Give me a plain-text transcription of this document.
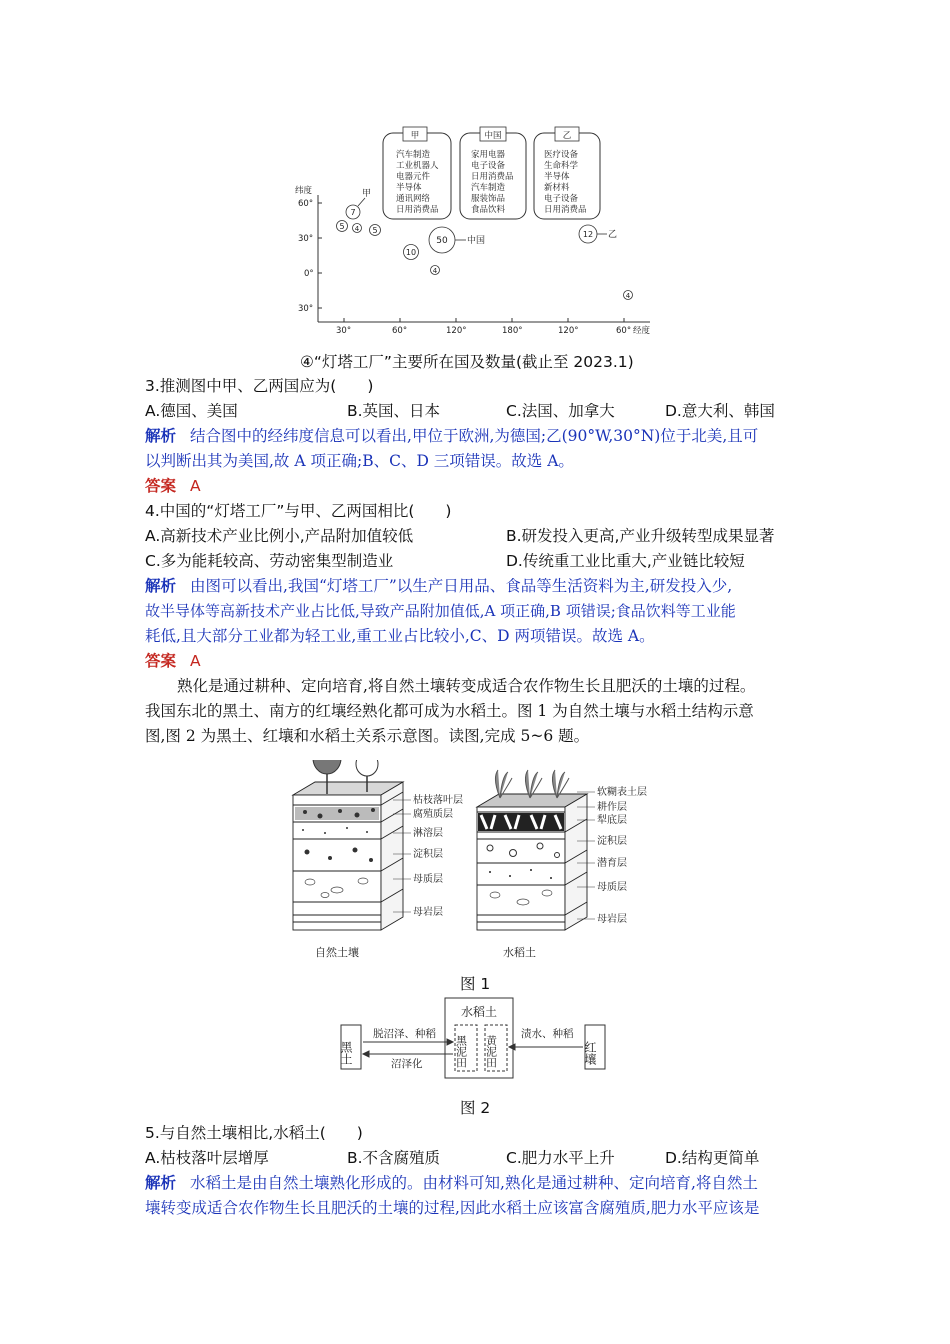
甲
汽车制造
工业机器人
电器元件
半导体
通讯网络
日用消费品
中国
家用电器
电子设备
日用消费品
汽车制造
服装饰品
食品饮料
乙
医疗设备
生命科学
半导体
新材料
电子设备
日用消费品
纬度
60°
30°
0°
30°
30°	60°	120°	180°	120°	60° 经度
7
甲
5 4 5
10
50 中国
4
12 乙
4
④“灯塔工厂”主要所在国及数量(截止至 2023.1)
3.推测图中甲、乙两国应为(　　)
A.德国、美国	B.英国、日本	C.法国、加拿大	D.意大利、韩国
解析 结合图中的经纬度信息可以看出,甲位于欧洲,为德国;乙(90°W,30°N)位于北美,且可
以判断出其为美国,故 A 项正确;B、C、D 三项错误。故选 A。
答案 A
4.中国的“灯塔工厂”与甲、乙两国相比(　　)
A.高新技术产业比例小,产品附加值较低	B.研发投入更高,产业升级转型成果显著
C.多为能耗较高、劳动密集型制造业	D.传统重工业比重大,产业链比较短
解析 由图可以看出,我国“灯塔工厂”以生产日用品、食品等生活资料为主,研发投入少,
故半导体等高新技术产业占比低,导致产品附加值低,A 项正确,B 项错误;食品饮料等工业能
耗低,且大部分工业都为轻工业,重工业占比较小,C、D 两项错误。故选 A。
答案 A
熟化是通过耕种、定向培育,将自然土壤转变成适合农作物生长且肥沃的土壤的过程。
我国东北的黑土、南方的红壤经熟化都可成为水稻土。图 1 为自然土壤与水稻土结构示意
图,图 2 为黑土、红壤和水稻土关系示意图。读图,完成 5~6 题。
枯枝落叶层
腐殖质层
淋溶层
淀积层
母质层
母岩层
自然土壤
软糊表土层
耕作层
犁底层
淀积层
潜育层
母质层
母岩层
水稻土
图 1
水稻土
黑土	红壤
黑泥田 黄泥田
脱沼泽、种稻
沼泽化
渍水、种稻
图 2
5.与自然土壤相比,水稻土(　　)
A.枯枝落叶层增厚	B.不含腐殖质	C.肥力水平上升	D.结构更简单
解析 水稻土是由自然土壤熟化形成的。由材料可知,熟化是通过耕种、定向培育,将自然土
壤转变成适合农作物生长且肥沃的土壤的过程,因此水稻土应该富含腐殖质,肥力水平应该是
